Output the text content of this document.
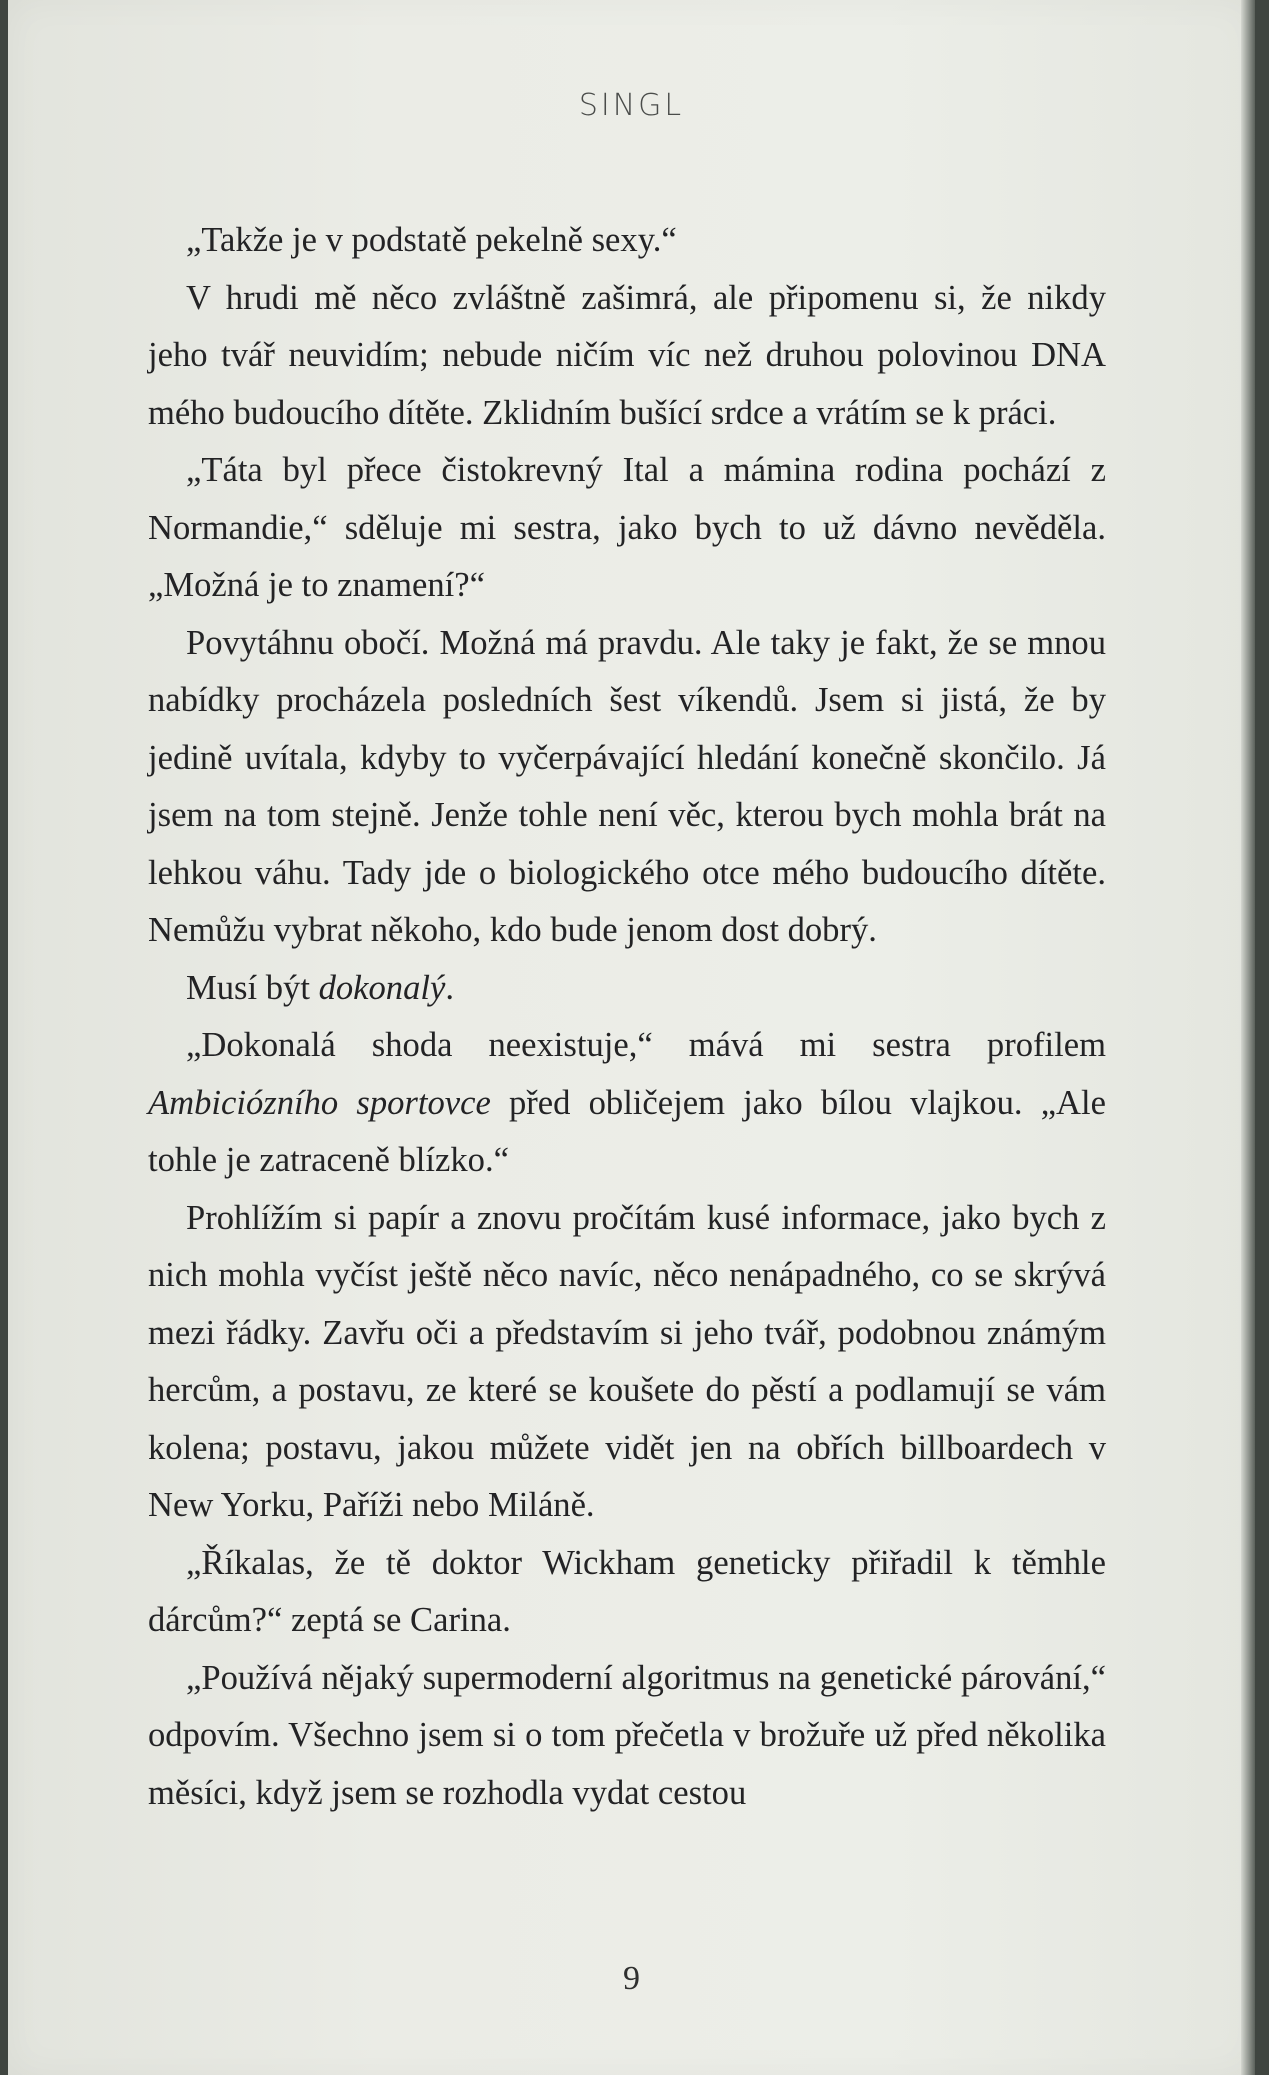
SINGL

„Takže je v podstatě pekelně sexy.“

V hrudi mě něco zvláštně zašimrá, ale připomenu si, že nikdy jeho tvář neuvidím; nebude ničím víc než druhou polovinou DNA mého budoucího dítěte. Zklidním bušící srdce a vrátím se k práci.

„Táta byl přece čistokrevný Ital a mámina rodina pochází z Normandie,“ sděluje mi sestra, jako bych to už dávno nevěděla. „Možná je to znamení?“

Povytáhnu obočí. Možná má pravdu. Ale taky je fakt, že se mnou nabídky procházela posledních šest víkendů. Jsem si jistá, že by jedině uvítala, kdyby to vyčerpávající hledání konečně skončilo. Já jsem na tom stejně. Jenže tohle není věc, kterou bych mohla brát na lehkou váhu. Tady jde o biologického otce mého budoucího dítěte. Nemůžu vybrat někoho, kdo bude jenom dost dobrý.

Musí být dokonalý.

„Dokonalá shoda neexistuje,“ mává mi sestra profilem Ambiciózního sportovce před obličejem jako bílou vlajkou. „Ale tohle je zatraceně blízko.“

Prohlížím si papír a znovu pročítám kusé informace, jako bych z nich mohla vyčíst ještě něco navíc, něco nenápadného, co se skrývá mezi řádky. Zavřu oči a představím si jeho tvář, podobnou známým hercům, a postavu, ze které se koušete do pěstí a podlamují se vám kolena; postavu, jakou můžete vidět jen na obřích billboardech v New Yorku, Paříži nebo Miláně.

„Říkalas, že tě doktor Wickham geneticky přiřadil k těmhle dárcům?“ zeptá se Carina.

„Používá nějaký supermoderní algoritmus na genetické párování,“ odpovím. Všechno jsem si o tom přečetla v brožuře už před několika měsíci, když jsem se rozhodla vydat cestou

9
